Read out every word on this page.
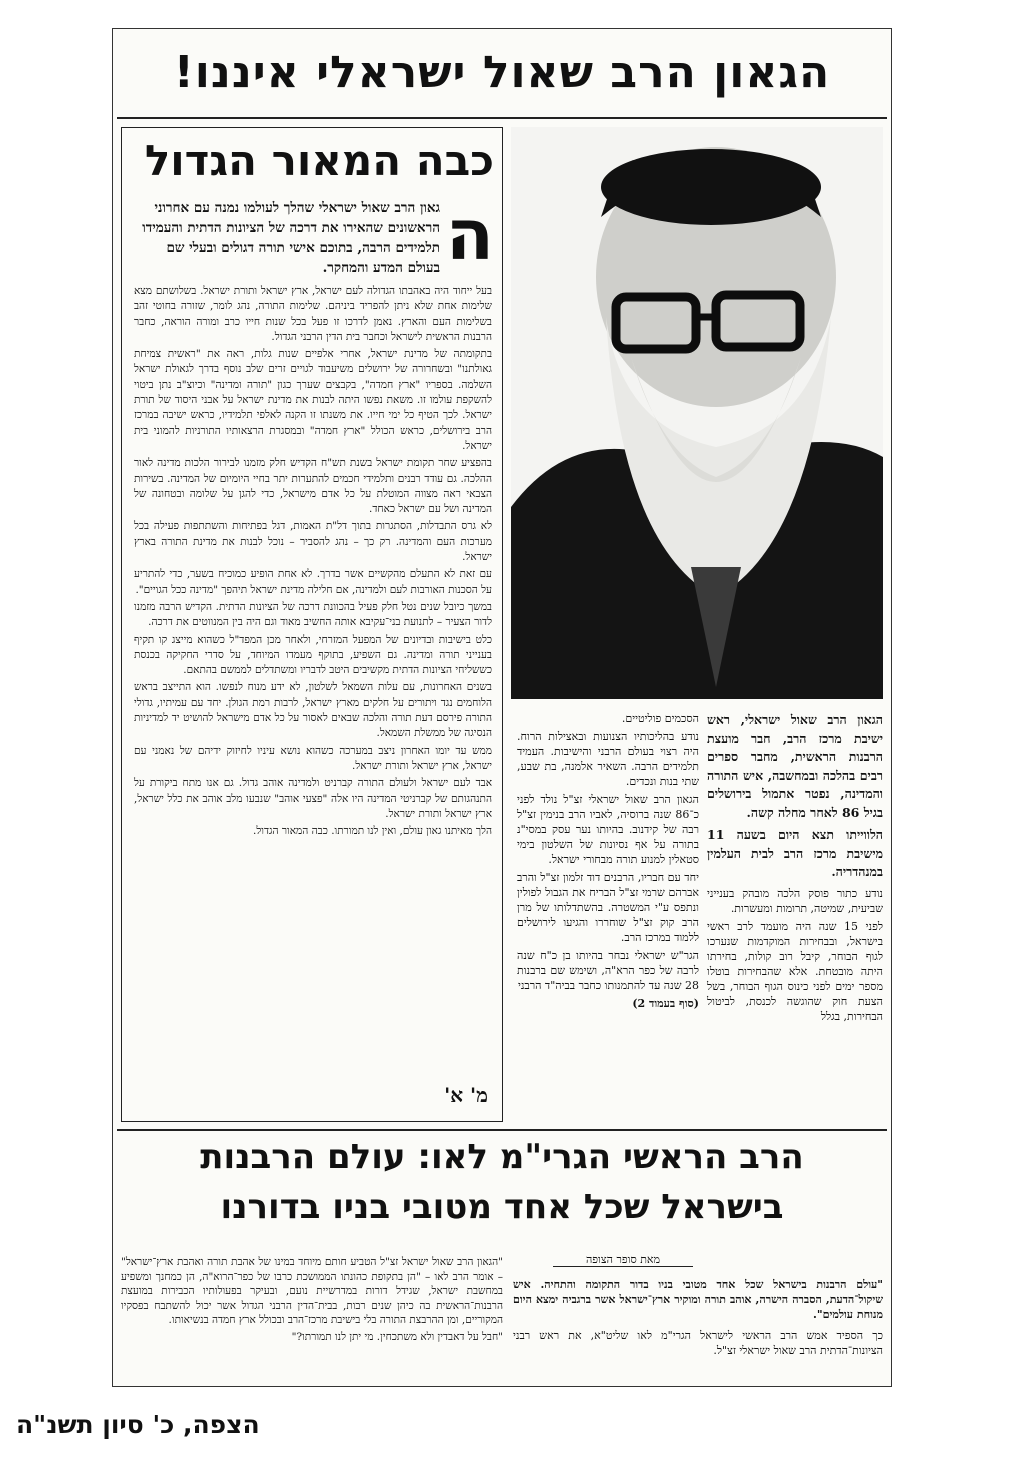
הגאון הרב שאול ישראלי איננו!
כבה המאור הגדול
ה
גאון הרב שאול ישראלי שהלך לעולמו נמנה עם אחרוני הראשונים שהאירו את דרכה של הציונות הדתית והעמידו תלמידים הרבה, בתוכם אישי תורה דגולים ובעלי שם בעולם המדע והמחקר.

בעל ייחוד היה באהבתו הגדולה לעם ישראל, ארץ ישראל ותורת ישראל. בשלושתם מצא שלימות אחת שלא ניתן להפריד ביניהם. שלימות התורה, נהג לומר, שזורה בחוטי זהב בשלימות העם והארץ. נאמן לדרכו זו פעל בכל שנות חייו כרב ומורה הוראה, כחבר הרבנות הראשית לישראל וכחבר בית הדין הרבני הגדול.

בתקומתה של מדינת ישראל, אחרי אלפיים שנות גלות, ראה את "ראשית צמיחת גאולתנו" ובשחרורה של ירושלים משיעבוד לגויים זרים שלב נוסף בדרך לגאולת ישראל השלמה. בספריו "ארץ חמדה", בקבצים שערך כגון "תורה ומדינה" וכיוצ"ב נתן ביטוי להשקפת עולמו זו. משאת נפשו היתה לבנות את מדינת ישראל על אבני היסוד של תורת ישראל. לכך הטיף כל ימי חייו. את משנתו זו הקנה לאלפי תלמידיו, כראש ישיבה במרכז הרב בירושלים, כראש הכולל "ארץ חמדה" ובמסגרת הרצאותיו התורניות להמוני בית ישראל.

בהפציע שחר תקומת ישראל בשנת תש"ח הקדיש חלק מזמנו לבירור הלכות מדינה לאור ההלכה. גם עודד רבנים ותלמידי חכמים להתערות יתר בחיי היומיום של המדינה. בשירות הצבאי ראה מצווה המוטלת על כל אדם מישראל, כדי להגן על שלומה ובטחונה של המדינה ושל עם ישראל כאחד.

לא גרס התבדלות, הסתגרות בתוך דל"ת האמות, דגל בפתיחות והשתתפות פעילה בכל מערכות העם והמדינה. רק כך – נהג להסביר – נוכל לבנות את מדינת התורה בארץ ישראל.

עם זאת לא התעלם מהקשיים אשר בדרך. לא אחת הופיע כמוכיח בשער, כדי להתריע על הסכנות האורבות לעם ולמדינה, אם חלילה מדינת ישראל תיהפך "מדינה ככל הגויים".

במשך כיובל שנים נטל חלק פעיל בהכוונת דרכה של הציונות הדתית. הקדיש הרבה מזמנו לדור הצעיר – לתנועת בני־עקיבא אותה החשיב מאוד וגם היה בין המנווטים את דרכה.

כלט בישיבות ובדיונים של המפעל המזרחי, ולאחר מכן המפד"ל כשהוא מייצג קו תקיף בענייני תורה ומדינה. גם השפיע, בתוקף מעמדו המיוחד, על סדרי החקיקה בכנסת כששליחי הציונות הדתית מקשיבים היטב לדבריו ומשתדלים לממשם בהתאם.

בשנים האחרונות, עם עלות השמאל לשלטון, לא ידע מנוח לנפשו. הוא התייצב בראש הלוחמים נגד ויתורים על חלקים מארץ ישראל, לרבות רמת הגולן. יחד עם עמיתיו, גדולי התורה פירסם דעת תורה והלכה שבאים לאסור על כל אדם מישראל להושיט יד למדיניות הנסיגה של ממשלת השמאל.

ממש עד יומו האחרון ניצב במערכה כשהוא נושא עיניו לחיזוק ידיהם של נאמני עם ישראל, ארץ ישראל ותורת ישראל.

אבד לעם ישראל ולעולם התורה קברניט ולמדינה אוהב גדול. גם אנו מתח ביקורת על התנהגותם של קברניטי המדינה היו אלה "פצעי אוהב" שנבעו מלב אוהב את כלל ישראל, ארץ ישראל ותורת ישראל.

הלך מאיתנו גאון עולם, ואין לנו תמורתו. כבה המאור הגדול.

מ' א'

הגאון הרב שאול ישראלי, ראש ישיבת מרכז הרב, חבר מועצת הרבנות הראשית, מחבר ספרים רבים בהלכה ובמחשבה, איש התורה והמדינה, נפטר אתמול בירושלים בגיל 86 לאחר מחלה קשה.

הלווייתו תצא היום בשעה 11 מישיבת מרכז הרב לבית העלמין במנהדריה.

נודע כתור פוסק הלכה מובהק בענייני שביעית, שמיטה, תרומות ומעשרות.

לפני 15 שנה היה מועמד לרב ראשי בישראל, ובבחירות המוקדמות שנערכו לגוף הבוחר, קיבל רוב קולות, בחירתו היתה מובטחת. אלא שהבחירות בוטלו מספר ימים לפני כינוס הגוף הבוחר, בשל הצעת חוק שהוגשה לכנסת, לביטול הבחירות, בגלל

הסכמים פוליטיים.

נודע בהליכותיו הצנועות ובאצילות הרוח. היה רצוי בעולם הרבני והישיבות. העמיד תלמידים הרבה. השאיר אלמנה, בת שבע, שתי בנות ונכדים.

הגאון הרב שאול ישראלי זצ"ל נולד לפני כ־86 שנה ברוסיה, לאביו הרב בנימין זצ"ל רבה של קידנוב. בהיותו נער עסק במסי"נ בתורה על אף נסיונות של השלטון בימי סטאלין למנוע תורה מבחורי ישראל.

יחד עם חבריו, הרבנים דוד זלמון זצ"ל והרב אברהם שרמי זצ"ל הבריח את הגבול לפולין ונתפס ע"י המשטרה. בהשתדלותו של מרן הרב קוק זצ"ל שוחררו והגיעו לירושלים ללמוד במרכז הרב.

הגר"ש ישראלי נבחר בהיותו בן כ"ח שנה לרבה של כפר הרא"ה, ושימש שם ברבנות 28 שנה עד להתמנותו כחבר בביה"ד הרבני

(סוף בעמוד 2)

הרב הראשי הגרי"מ לאו: עולם הרבנות
בישראל שכל אחד מטובי בניו בדורנו
מאת סופר הצופה

"עולם הרבנות בישראל שכל אחד מטובי בניו בדור התקומה והתחיה. איש שיקול־הדעת, הסברה הישרה, אוהב תורה ומוקיר ארץ־ישראל אשר ברגביה ימצא היום מנוחת עולמים".

כך הספיד אמש הרב הראשי לישראל הגרי"מ לאו שליט"א, את ראש רבני הציונות־הדתית הרב שאול ישראלי זצ"ל.

"הגאון הרב שאול ישראל זצ"ל הטביע חותם מיוחד במינו של אהבת תורה ואהבת ארץ־ישראל" – אומר הרב לאו – "הן בתקופת כהונתו הממושכת כרבו של כפר־הרוא"ה, הן כמחנך ומשפיע במחשבת ישראל, שגידל דורות במדרשיית נועם, ובעיקר בפעולותיו הכבירות במועצת הרבנות־הראשית בה כיהן שנים רבות, בבית־הדין הרבני הגדול אשר יכול להשתבח בפסקיו המקוריים, ומן ההרבצת התורה בלי בישיבת מרכז־הרב ובכולל ארץ חמדה בנשיאותו.

"חבל על דאבדין ולא משתכחין. מי יתן לנו תמורתו?"

הצפה, כ' סיון תשנ"ה
